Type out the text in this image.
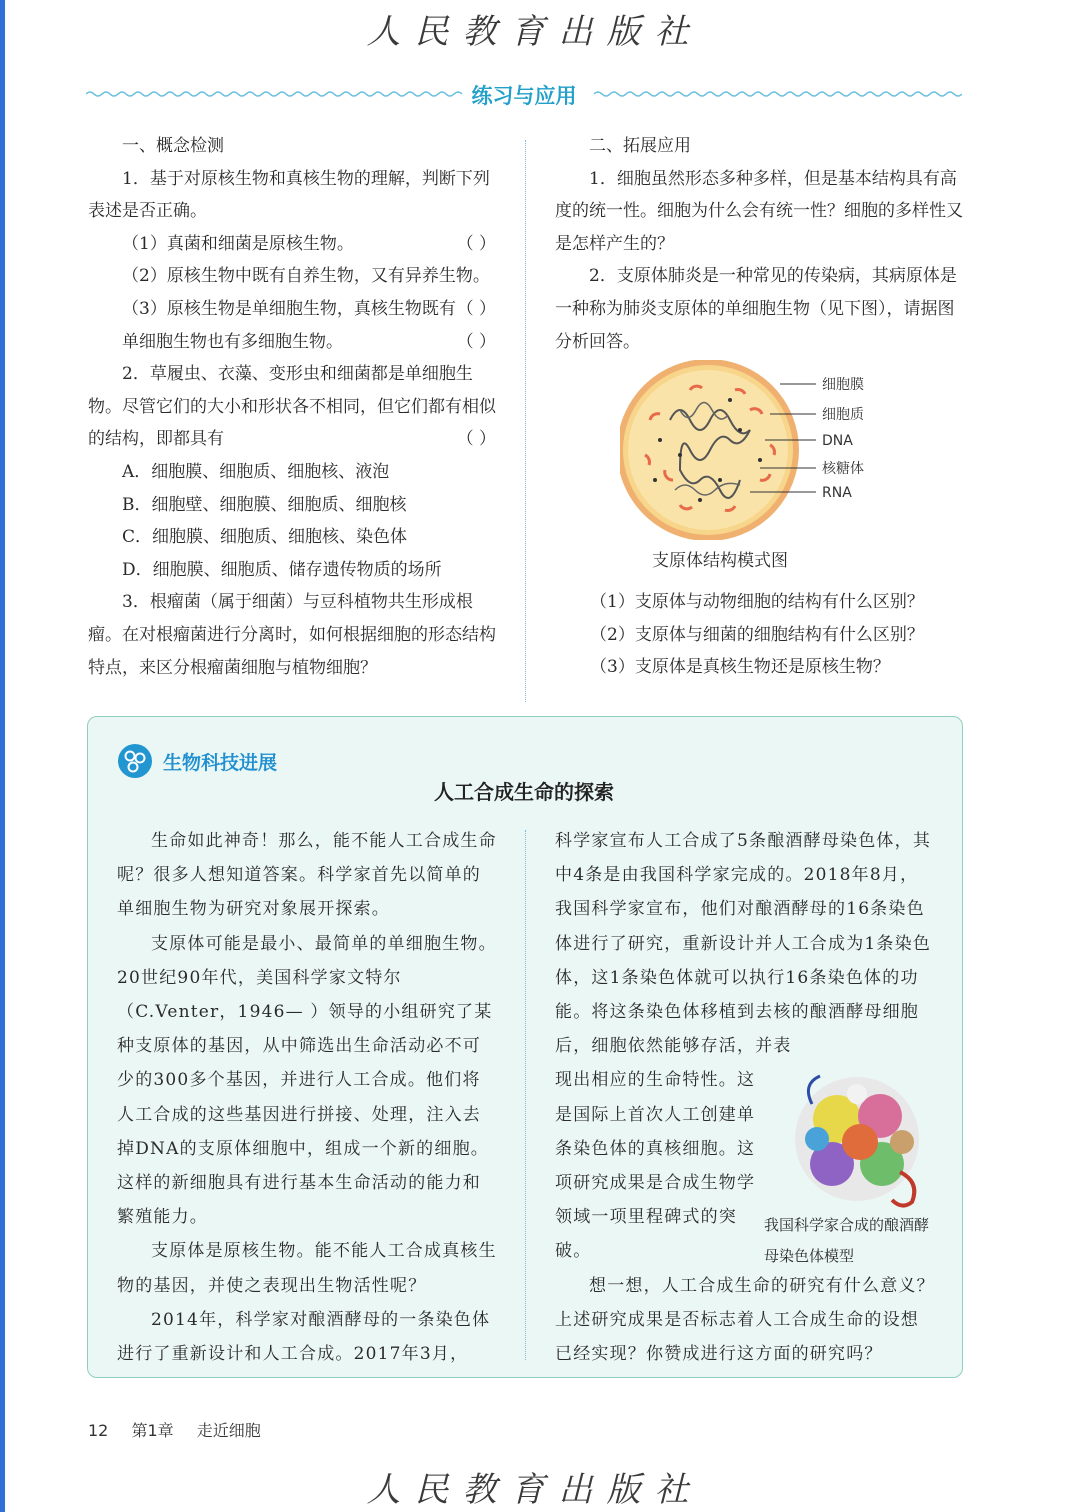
人民教育出版社
练习与应用

一、概念检测

1．基于对原核生物和真核生物的理解，判断下列表述是否正确。

（ ）
（1）真菌和细菌是原核生物。

（2）原核生物中既有自养生物，又有异养生物。
（ ）

（3）原核生物是单细胞生物，真核生物既有单细胞生物也有多细胞生物。	（ ）

2．草履虫、衣藻、变形虫和细菌都是单细胞生物。尽管它们的大小和形状各不相同，但它们都有相似的结构，即都具有	（ ）

A．细胞膜、细胞质、细胞核、液泡

B．细胞壁、细胞膜、细胞质、细胞核

C．细胞膜、细胞质、细胞核、染色体

D．细胞膜、细胞质、储存遗传物质的场所

3．根瘤菌（属于细菌）与豆科植物共生形成根瘤。在对根瘤菌进行分离时，如何根据细胞的形态结构特点，来区分根瘤菌细胞与植物细胞？

二、拓展应用

1．细胞虽然形态多种多样，但是基本结构具有高度的统一性。细胞为什么会有统一性？细胞的多样性又是怎样产生的？

2．支原体肺炎是一种常见的传染病，其病原体是一种称为肺炎支原体的单细胞生物（见下图），请据图分析回答。

细胞膜
细胞质
DNA
核糖体
RNA
支原体结构模式图

（1）支原体与动物细胞的结构有什么区别？

（2）支原体与细菌的细胞结构有什么区别？

（3）支原体是真核生物还是原核生物？

生物科技进展
人工合成生命的探索

生命如此神奇！那么，能不能人工合成生命呢？很多人想知道答案。科学家首先以简单的单细胞生物为研究对象展开探索。

支原体可能是最小、最简单的单细胞生物。20世纪90年代，美国科学家文特尔（C.Venter，1946— ）领导的小组研究了某种支原体的基因，从中筛选出生命活动必不可少的300多个基因，并进行人工合成。他们将人工合成的这些基因进行拼接、处理，注入去掉DNA的支原体细胞中，组成一个新的细胞。这样的新细胞具有进行基本生命活动的能力和繁殖能力。

支原体是原核生物。能不能人工合成真核生物的基因，并使之表现出生物活性呢？

2014年，科学家对酿酒酵母的一条染色体进行了重新设计和人工合成。2017年3月，

科学家宣布人工合成了5条酿酒酵母染色体，其中4条是由我国科学家完成的。2018年8月，我国科学家宣布，他们对酿酒酵母的16条染色体进行了研究，重新设计并人工合成为1条染色体，这1条染色体就可以执行16条染色体的功能。将这条染色体移植到去核的酿酒酵母细胞后，细胞依然能够存活，并表

现出相应的生命特性。这是国际上首次人工创建单条染色体的真核细胞。这项研究成果是合成生物学领域一项里程碑式的突破。

想一想，人工合成生命的研究有什么意义？上述研究成果是否标志着人工合成生命的设想已经实现？你赞成进行这方面的研究吗？

我国科学家合成的酿酒酵母染色体模型
12 第1章 走近细胞
人民教育出版社
